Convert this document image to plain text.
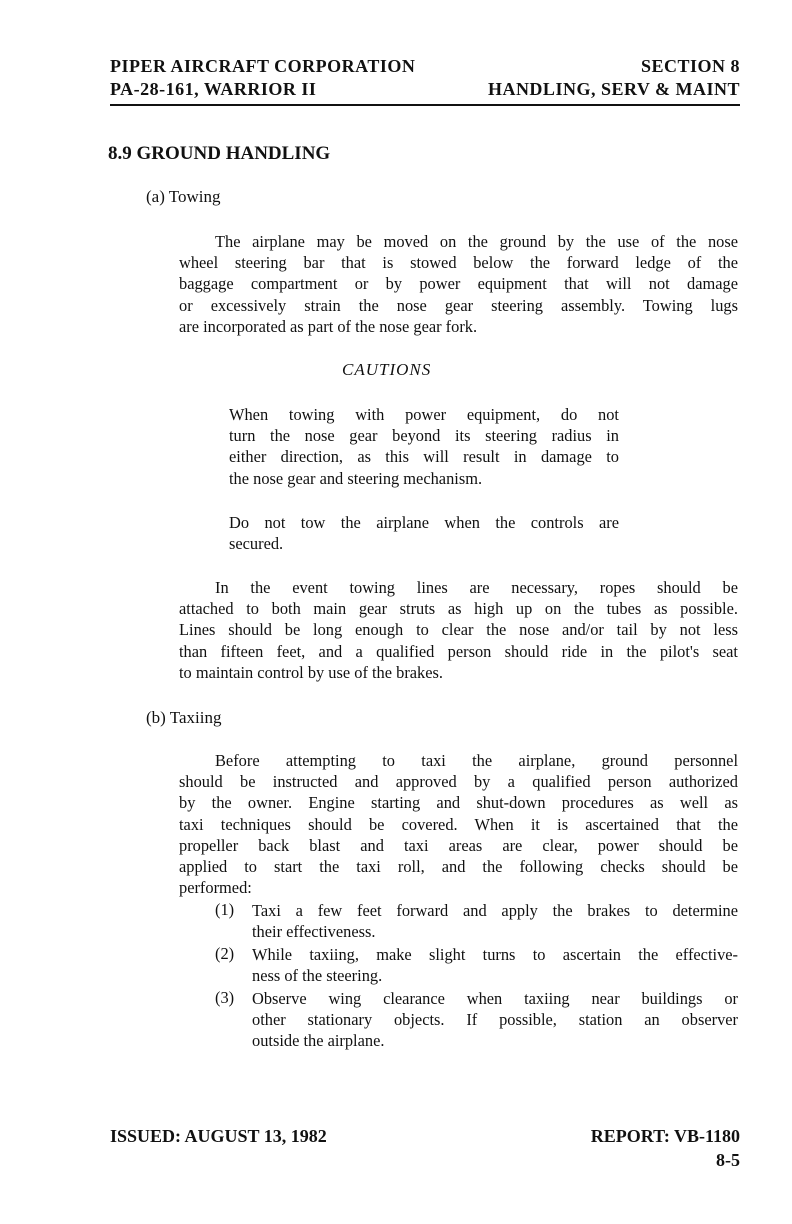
PIPER AIRCRAFT CORPORATION
PA-28-161, WARRIOR II
SECTION 8
HANDLING, SERV & MAINT
8.9 GROUND HANDLING
(a) Towing
The airplane may be moved on the ground by the use of the nose
wheel steering bar that is stowed below the forward ledge of the
baggage compartment or by power equipment that will not damage
or excessively strain the nose gear steering assembly. Towing lugs
are incorporated as part of the nose gear fork.
CAUTIONS
When towing with power equipment, do not
turn the nose gear beyond its steering radius in
either direction, as this will result in damage to
the nose gear and steering mechanism.
Do not tow the airplane when the controls are
secured.
In the event towing lines are necessary, ropes should be
attached to both main gear struts as high up on the tubes as possible.
Lines should be long enough to clear the nose and/or tail by not less
than fifteen feet, and a qualified person should ride in the pilot's seat
to maintain control by use of the brakes.
(b) Taxiing
Before attempting to taxi the airplane, ground personnel
should be instructed and approved by a qualified person authorized
by the owner. Engine starting and shut-down procedures as well as
taxi techniques should be covered. When it is ascertained that the
propeller back blast and taxi areas are clear, power should be
applied to start the taxi roll, and the following checks should be
performed:
(1) Taxi a few feet forward and apply the brakes to determine
their effectiveness.
(2) While taxiing, make slight turns to ascertain the effective-
ness of the steering.
(3) Observe wing clearance when taxiing near buildings or
other stationary objects. If possible, station an observer
outside the airplane.
ISSUED: AUGUST 13, 1982	REPORT: VB-1180
8-5
